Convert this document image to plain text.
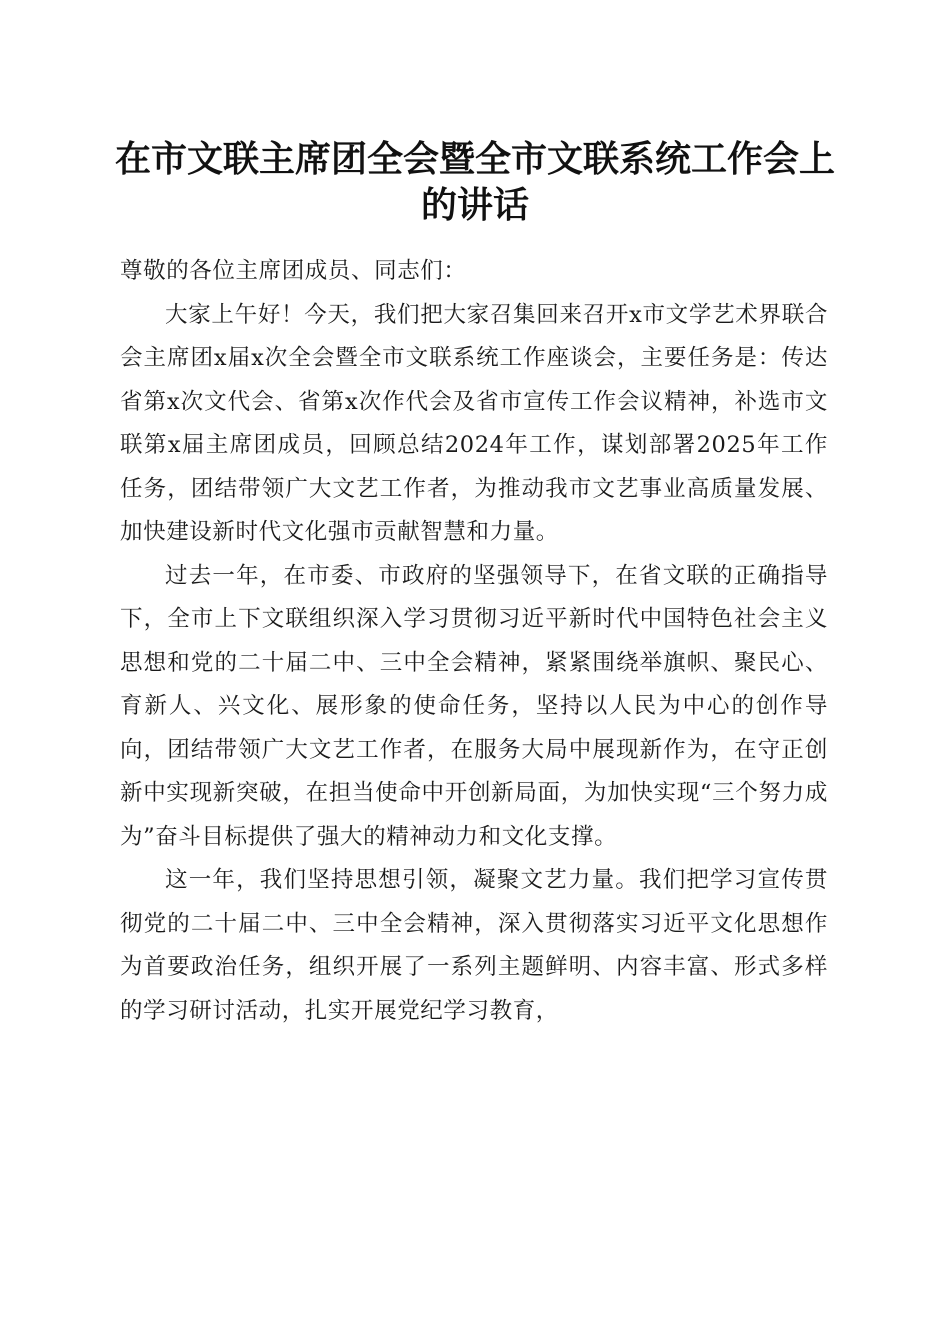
在市文联主席团全会暨全市文联系统工作会上的讲话

尊敬的各位主席团成员、同志们：

大家上午好！今天，我们把大家召集回来召开x市文学艺术界联合会主席团x届x次全会暨全市文联系统工作座谈会，主要任务是：传达省第x次文代会、省第x次作代会及省市宣传工作会议精神，补选市文联第x届主席团成员，回顾总结2024年工作，谋划部署2025年工作任务，团结带领广大文艺工作者，为推动我市文艺事业高质量发展、加快建设新时代文化强市贡献智慧和力量。

过去一年，在市委、市政府的坚强领导下，在省文联的正确指导下，全市上下文联组织深入学习贯彻习近平新时代中国特色社会主义思想和党的二十届二中、三中全会精神，紧紧围绕举旗帜、聚民心、育新人、兴文化、展形象的使命任务，坚持以人民为中心的创作导向，团结带领广大文艺工作者，在服务大局中展现新作为，在守正创新中实现新突破，在担当使命中开创新局面，为加快实现“三个努力成为”奋斗目标提供了强大的精神动力和文化支撑。

这一年，我们坚持思想引领，凝聚文艺力量。我们把学习宣传贯彻党的二十届二中、三中全会精神，深入贯彻落实习近平文化思想作为首要政治任务，组织开展了一系列主题鲜明、内容丰富、形式多样的学习研讨活动，扎实开展党纪学习教育，
